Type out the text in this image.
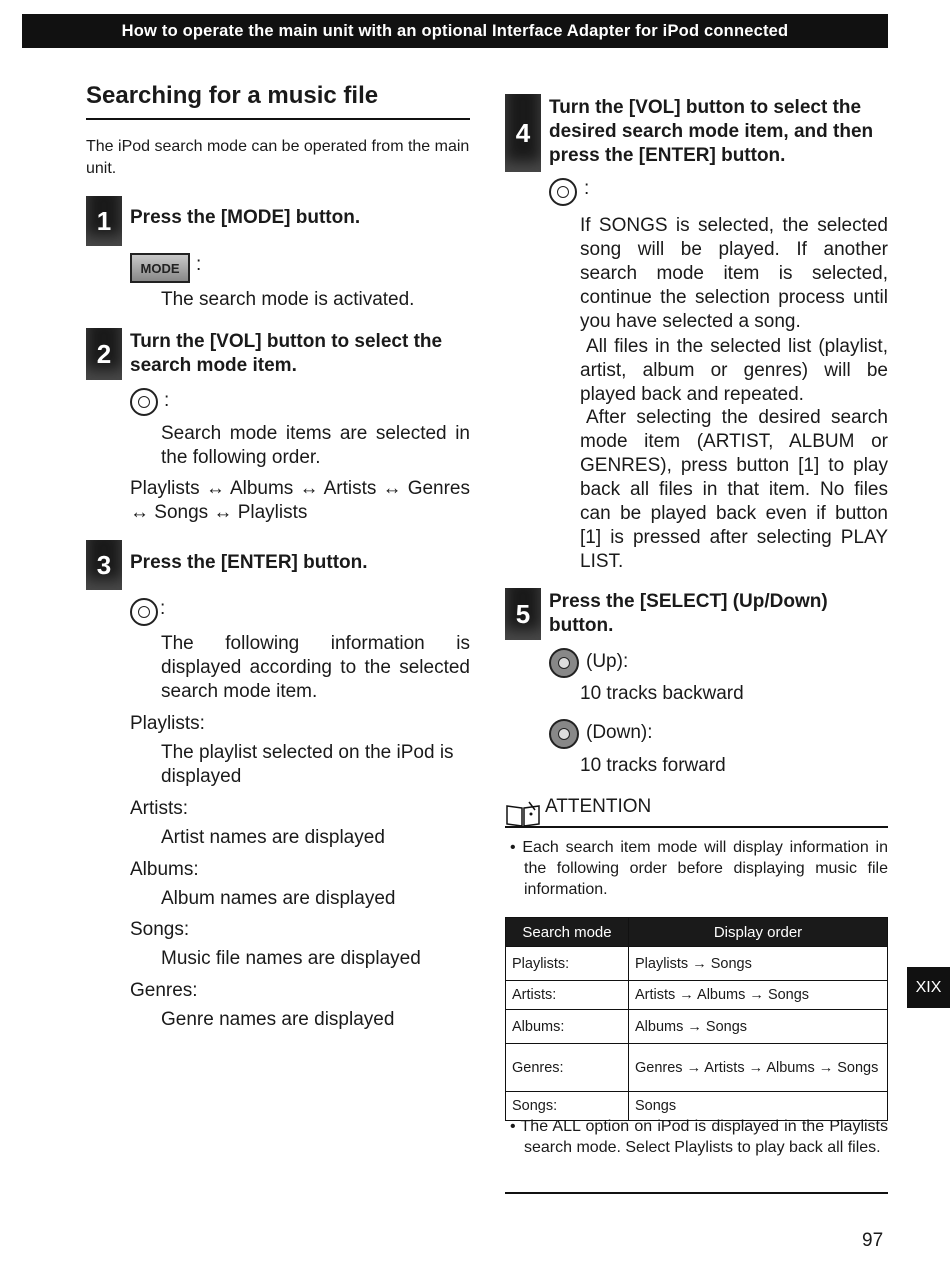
How to operate the main unit with an optional Interface Adapter for iPod connected
Searching for a music file
The iPod search mode can be operated from the main unit.
1 Press the [MODE] button.
MODE :
The search mode is activated.
2 Turn the [VOL] button to select the search mode item.
:
Search mode items are selected in the following order.
Playlists ↔ Albums ↔ Artists ↔ Genres ↔ Songs ↔ Playlists
3 Press the [ENTER] button.
:
The following information is displayed according to the selected search mode item.
Playlists:
The playlist selected on the iPod is displayed
Artists:
Artist names are displayed
Albums:
Album names are displayed
Songs:
Music file names are displayed
Genres:
Genre names are displayed
4
Turn the [VOL] button to select the desired search mode item, and then press the [ENTER] button.
:
If SONGS is selected, the selected song will be played. If another search mode item is selected, continue the selection process until you have selected a song.
All files in the selected list (playlist, artist, album or genres) will be played back and repeated.
After selecting the desired search mode item (ARTIST, ALBUM or GENRES), press button [1] to play back all files in that item. No files can be played back even if button [1] is pressed after selecting PLAY LIST.
5 Press the [SELECT] (Up/Down) button.
(Up):
10 tracks backward
(Down):
10 tracks forward
ATTENTION
• Each search item mode will display information in the following order before displaying music file information.
Search mode	Display order
Playlists:	Playlists → Songs
Artists:	Artists → Albums → Songs
Albums:	Albums → Songs
Genres:	Genres → Artists → Albums → Songs
Songs:	Songs
• The ALL option on iPod is displayed in the Playlists search mode. Select Playlists to play back all files.
XIX
97
